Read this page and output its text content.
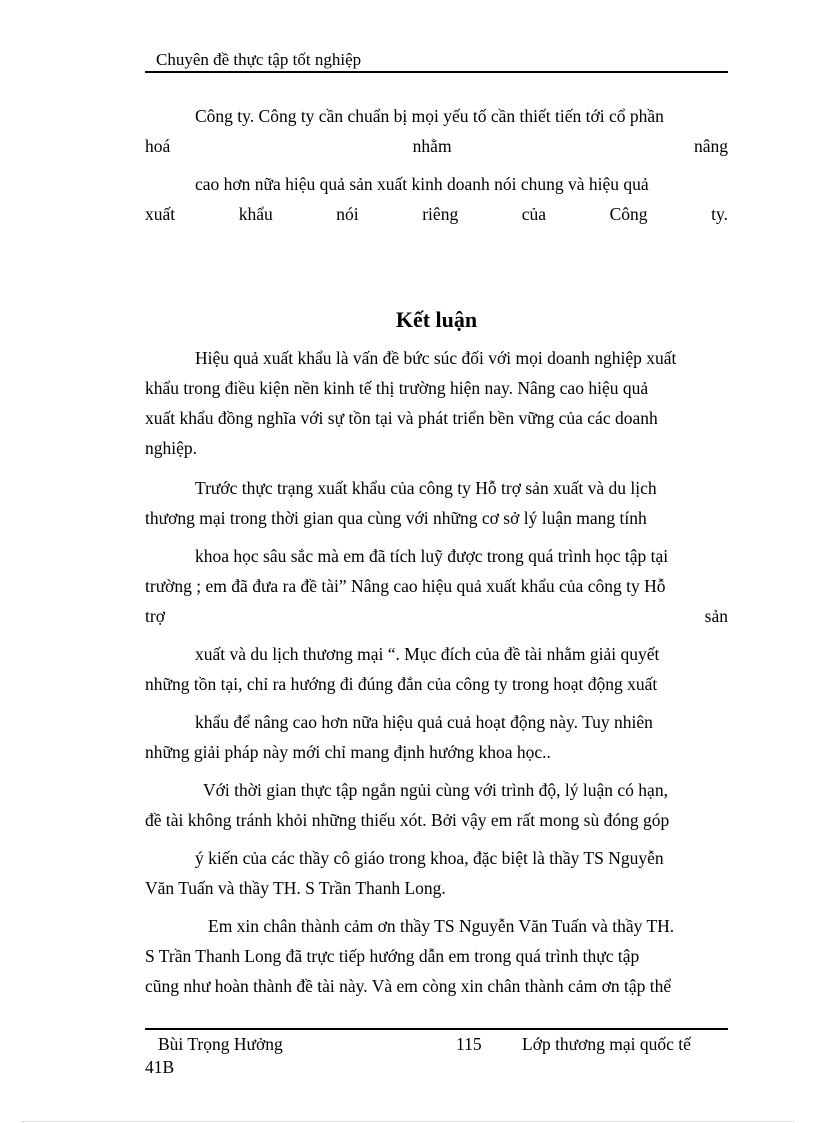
Chuyên đề thực tập tốt nghiệp
Công ty. Công ty cần chuẩn bị mọi yếu tố cần thiết tiến tới cổ phần
hoá	nhằm	nâng
cao hơn nữa hiệu quả sản xuất kinh doanh nói chung và hiệu quả
xuất	khẩu	nói	riêng	của	Công	ty.
Kết luận
Hiệu quả xuất khẩu là vấn đề bức súc đối với mọi doanh nghiệp xuất
khẩu trong điều kiện nền kinh tế thị trường hiện nay. Nâng cao hiệu quả
xuất khẩu đồng nghĩa với sự tồn tại và phát triển bền vững của các doanh
nghiệp.
Trước thực trạng xuất khẩu của công ty Hỗ trợ sản xuất và du lịch
thương mại trong thời gian qua cùng với những cơ sở lý luận mang tính
khoa học sâu sắc mà em đã tích luỹ được trong quá trình học tập tại
trường ; em đã đưa ra đề tài” Nâng cao hiệu quả xuất khẩu của công ty Hỗ
trợ	sản
xuất và du lịch thương mại “. Mục đích của đề tài nhằm giải quyết
những tồn tại, chỉ ra hướng đi đúng đắn của công ty trong hoạt động xuất
khẩu để nâng cao hơn nữa hiệu quả cuả hoạt động này. Tuy nhiên
những giải pháp này mới chỉ mang định hướng khoa học..
Với thời gian thực tập ngắn ngủi cùng với trình độ, lý luận có hạn,
đề tài không tránh khỏi những thiếu xót. Bởi vậy em rất mong sù đóng góp
ý kiến của các thầy cô giáo trong khoa, đặc biệt là thầy TS Nguyễn
Văn Tuấn và thầy TH. S Trần Thanh Long.
Em xin chân thành cảm ơn thầy TS Nguyễn Văn Tuấn và thầy TH.
S Trần Thanh Long đã trực tiếp hướng dẫn em trong quá trình thực tập
cũng như hoàn thành đề tài này. Và em còng xin chân thành cảm ơn tập thể
Bùi Trọng Hưởng	115 Lớp thương mại quốc tế
41B
